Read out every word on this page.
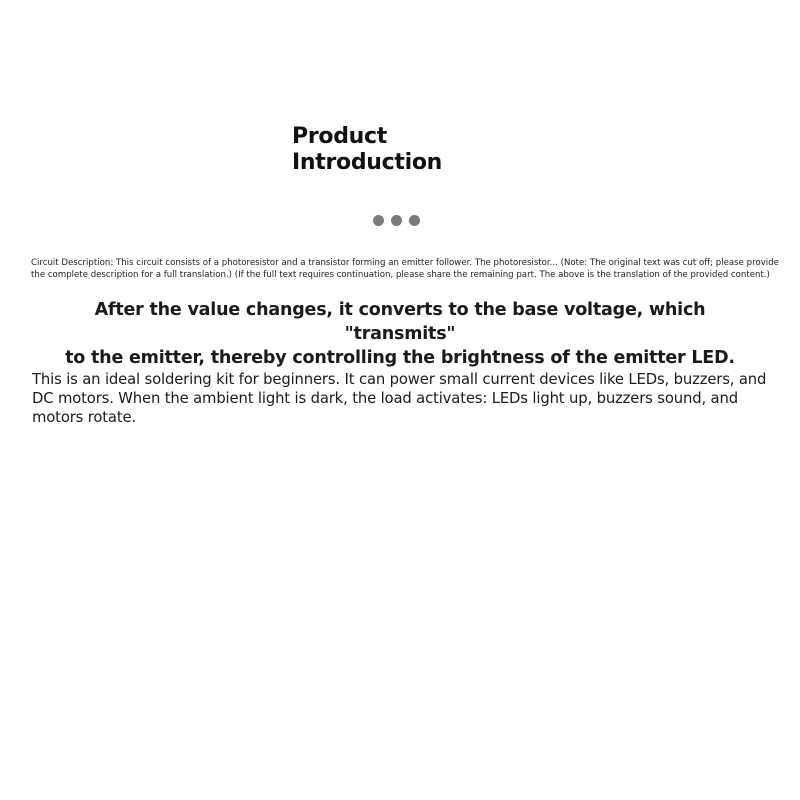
Product
Introduction

Circuit Description: This circuit consists of a photoresistor and a transistor forming an emitter follower. The photoresistor... (Note: The original text was cut off; please provide the complete description for a full translation.) (If the full text requires continuation, please share the remaining part. The above is the translation of the provided content.)

After the value changes, it converts to the base voltage, which "transmits"
to the emitter, thereby controlling the brightness of the emitter LED.

This is an ideal soldering kit for beginners. It can power small current devices like LEDs, buzzers, and DC motors. When the ambient light is dark, the load activates: LEDs light up, buzzers sound, and motors rotate.
